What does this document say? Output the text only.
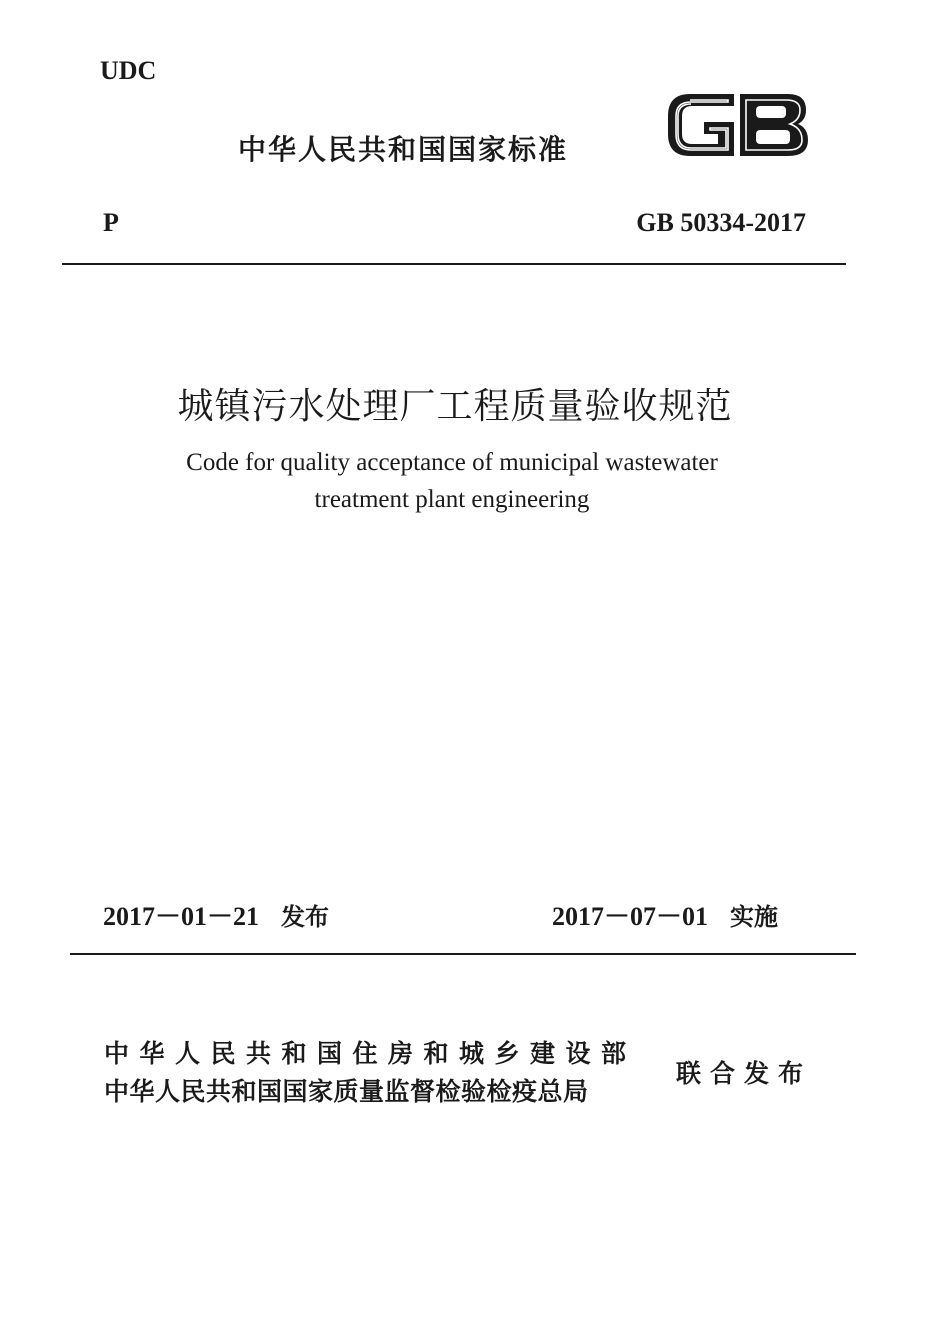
UDC
中华人民共和国国家标准
P	GB 50334-2017
城镇污水处理厂工程质量验收规范
Code for quality acceptance of municipal wastewater
treatment plant engineering
2017－01－21 发布	2017－07－01 实施
中华人民共和国住房和城乡建设部
中华人民共和国国家质量监督检验检疫总局
联合发布
